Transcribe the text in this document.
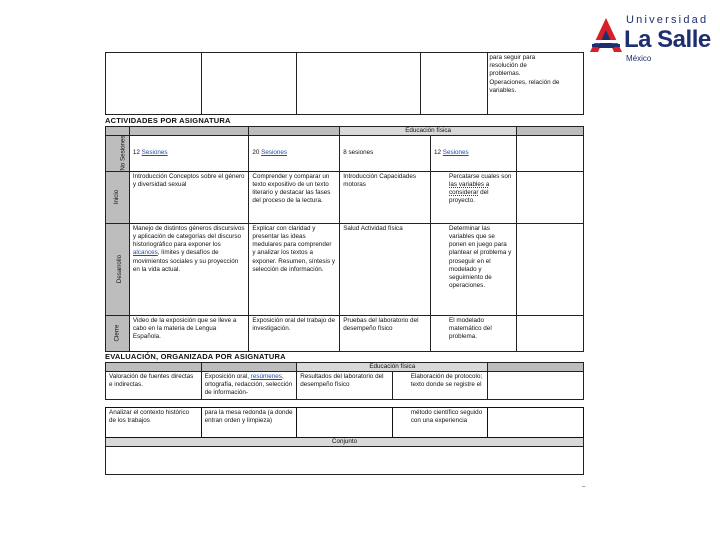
Universidad
La Salle
México

para seguir para resolución de problemas. Operaciones, relación de variables.
ACTIVIDADES POR ASIGNATURA
			Educación física		
No Sesiones	12 Sesiones	20 Sesiones	8 sesiones	12 Sesiones	
Inicio	Introducción Conceptos sobre el género y diversidad sexual	Comprender y comparar un texto expositivo de un texto literario y destacar las fases del proceso de la lectura.	Introducción Capacidades motoras	Percatarse cuales son las variables a considerar del proyecto.	
Desarrollo	Manejo de distintos géneros discursivos y aplicación de categorías del discurso historiográfico para exponer los alcances, límites y desafíos de movimientos sociales y su proyección en la vida actual.	Explicar con claridad y presentar las ideas medulares para comprender y analizar los textos a exponer. Resumen, síntesis y selección de información.	Salud Actividad física	Determinar las variables que se ponen en juego para plantear el problema y proseguir en el modelado y seguimiento de operaciones.	
Cierre	Video de la exposición que se lleve a cabo en la materia de Lengua Española.	Exposición oral del trabajo de investigación.	Pruebas del laboratorio del desempeño físico	El modelado matemático del problema.	
EVALUACIÓN, ORGANIZADA POR ASIGNATURA
		Educación física		
Valoración de fuentes directas e indirectas.	Exposición oral, resúmenes, ortografía, redacción, selección de información-	Resultados del laboratorio del desempeño físico	Elaboración de protocolo; texto donde se registre el	
Analizar el contexto histórico de los trabajos	para la mesa redonda (a donde entran orden y limpieza)		método científico seguido con una experiencia	
Conjunto

–
